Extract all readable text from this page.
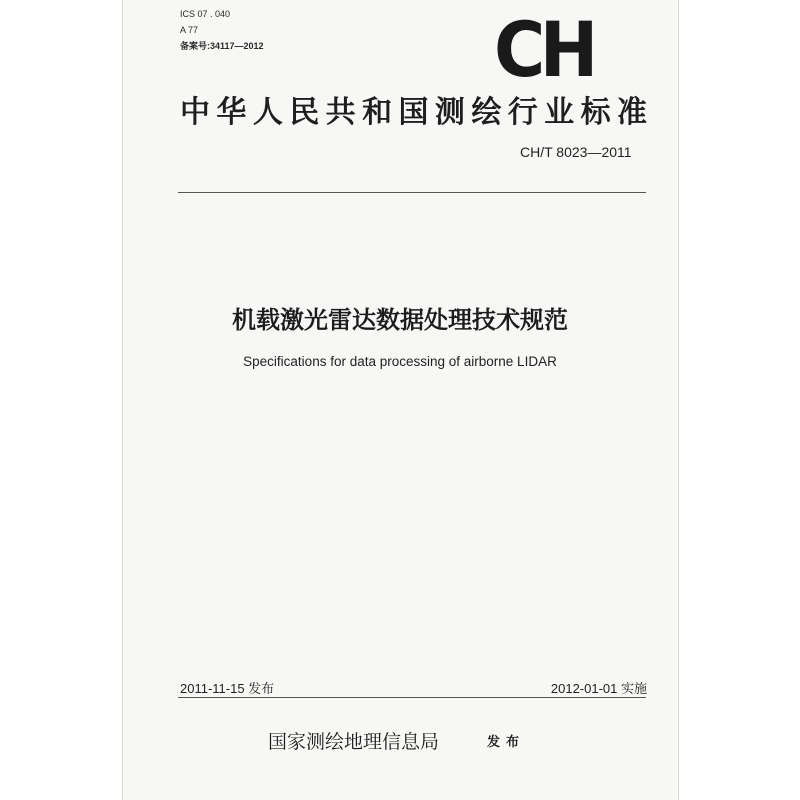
ICS 07 . 040
A 77
备案号:34117—2012	CH
中华人民共和国测绘行业标准
CH/T 8023—2011
机载激光雷达数据处理技术规范
Specifications for data processing of airborne LIDAR
2011-11-15 发布	2012-01-01 实施
国家测绘地理信息局	发布
